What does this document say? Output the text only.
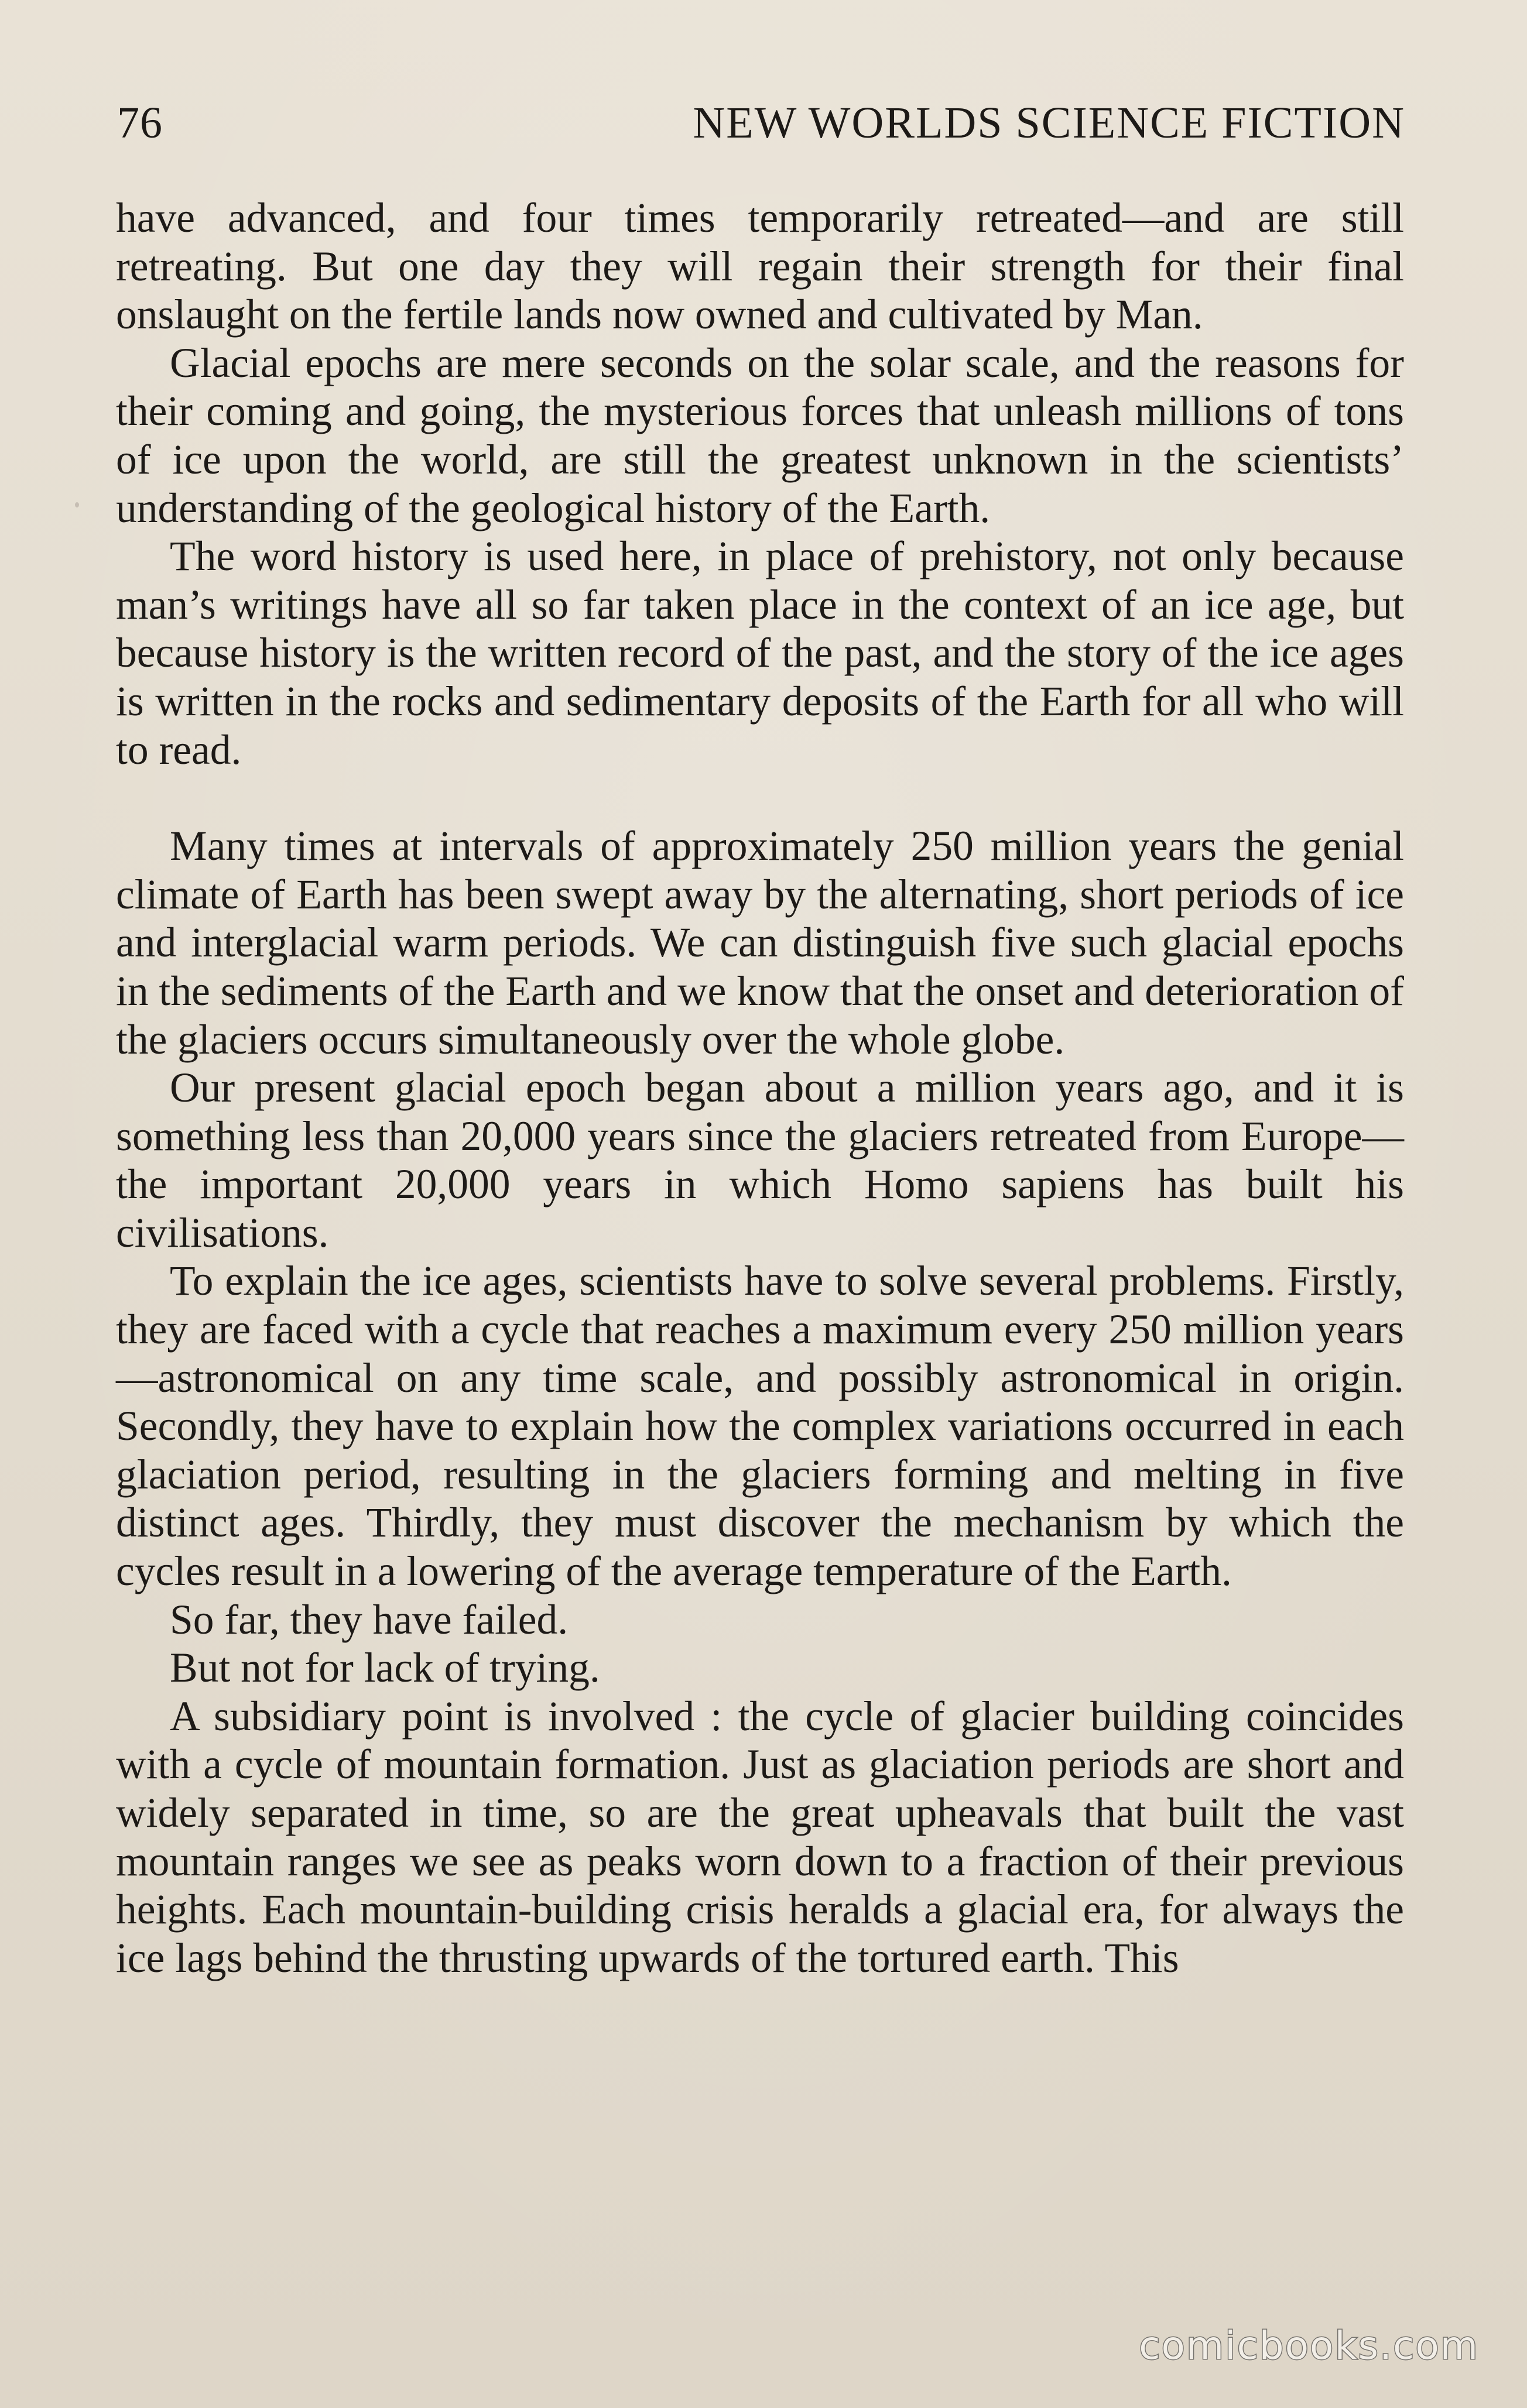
76	NEW WORLDS SCIENCE FICTION

have advanced, and four times temporarily retreated—and are still retreating. But one day they will regain their strength for their final onslaught on the fertile lands now owned and cultivated by Man.

Glacial epochs are mere seconds on the solar scale, and the reasons for their coming and going, the mysterious forces that unleash millions of tons of ice upon the world, are still the greatest unknown in the scientists’ understanding of the geological history of the Earth.

The word history is used here, in place of prehistory, not only because man’s writings have all so far taken place in the context of an ice age, but because history is the written record of the past, and the story of the ice ages is written in the rocks and sedimentary deposits of the Earth for all who will to read.

Many times at intervals of approximately 250 million years the genial climate of Earth has been swept away by the alternating, short periods of ice and interglacial warm periods. We can distinguish five such glacial epochs in the sediments of the Earth and we know that the onset and deterioration of the glaciers occurs simultaneously over the whole globe.

Our present glacial epoch began about a million years ago, and it is something less than 20,000 years since the glaciers retreated from Europe—the important 20,000 years in which Homo sapiens has built his civilisations.

To explain the ice ages, scientists have to solve several problems. Firstly, they are faced with a cycle that reaches a maximum every 250 million years—astronomical on any time scale, and possibly astronomical in origin. Secondly, they have to explain how the complex variations occurred in each glaciation period, resulting in the glaciers forming and melting in five distinct ages. Thirdly, they must discover the mechanism by which the cycles result in a lowering of the average temperature of the Earth.

So far, they have failed.

But not for lack of trying.

A subsidiary point is involved : the cycle of glacier building coincides with a cycle of mountain formation. Just as glaciation periods are short and widely separated in time, so are the great upheavals that built the vast mountain ranges we see as peaks worn down to a fraction of their previous heights. Each mountain-building crisis heralds a glacial era, for always the ice lags behind the thrusting upwards of the tortured earth. This

comicbooks.com
